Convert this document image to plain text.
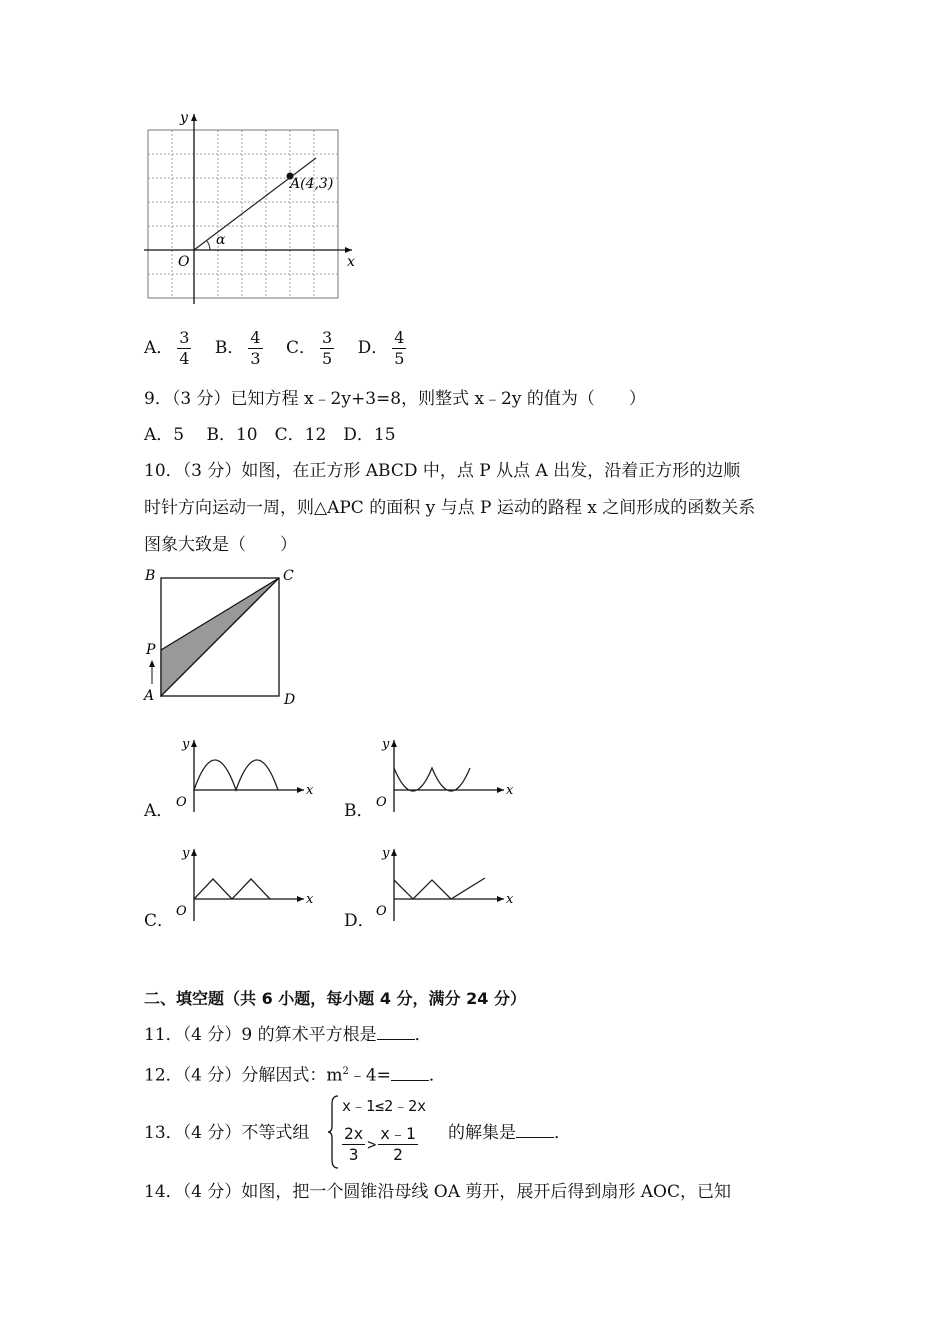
A(4,3)
α
O	x
y
A． $\frac{3}{4}$ B． $\frac{4}{3}$ C． $\frac{3}{5}$ D． $\frac{4}{5}$
9．（3 分）已知方程 x﹣2y+3=8，则整式 x﹣2y 的值为（　　）
A．5　 B．10　C．12　D．15
10．（3 分）如图，在正方形 ABCD 中，点 P 从点 A 出发，沿着正方形的边顺
时针方向运动一周，则△APC 的面积 y 与点 P 运动的路程 x 之间形成的函数关系
图象大致是（　　）
B	C
P
A	D
A．
y
O
x
B．
y
O
x
C．
y
O
x
D．
y
O
x
二、填空题（共 6 小题，每小题 4 分，满分 24 分）
11．（4 分）9 的算术平方根是 ．
12．（4 分）分解因式：$m^2﹣4=$ ．
13．（4 分）不等式组
x﹣1≤2﹣2x
$\frac{2x}{3} > \frac{x﹣1}{2}$ 的解集是 ．
14．（4 分）如图，把一个圆锥沿母线 OA 剪开，展开后得到扇形 AOC，已知
